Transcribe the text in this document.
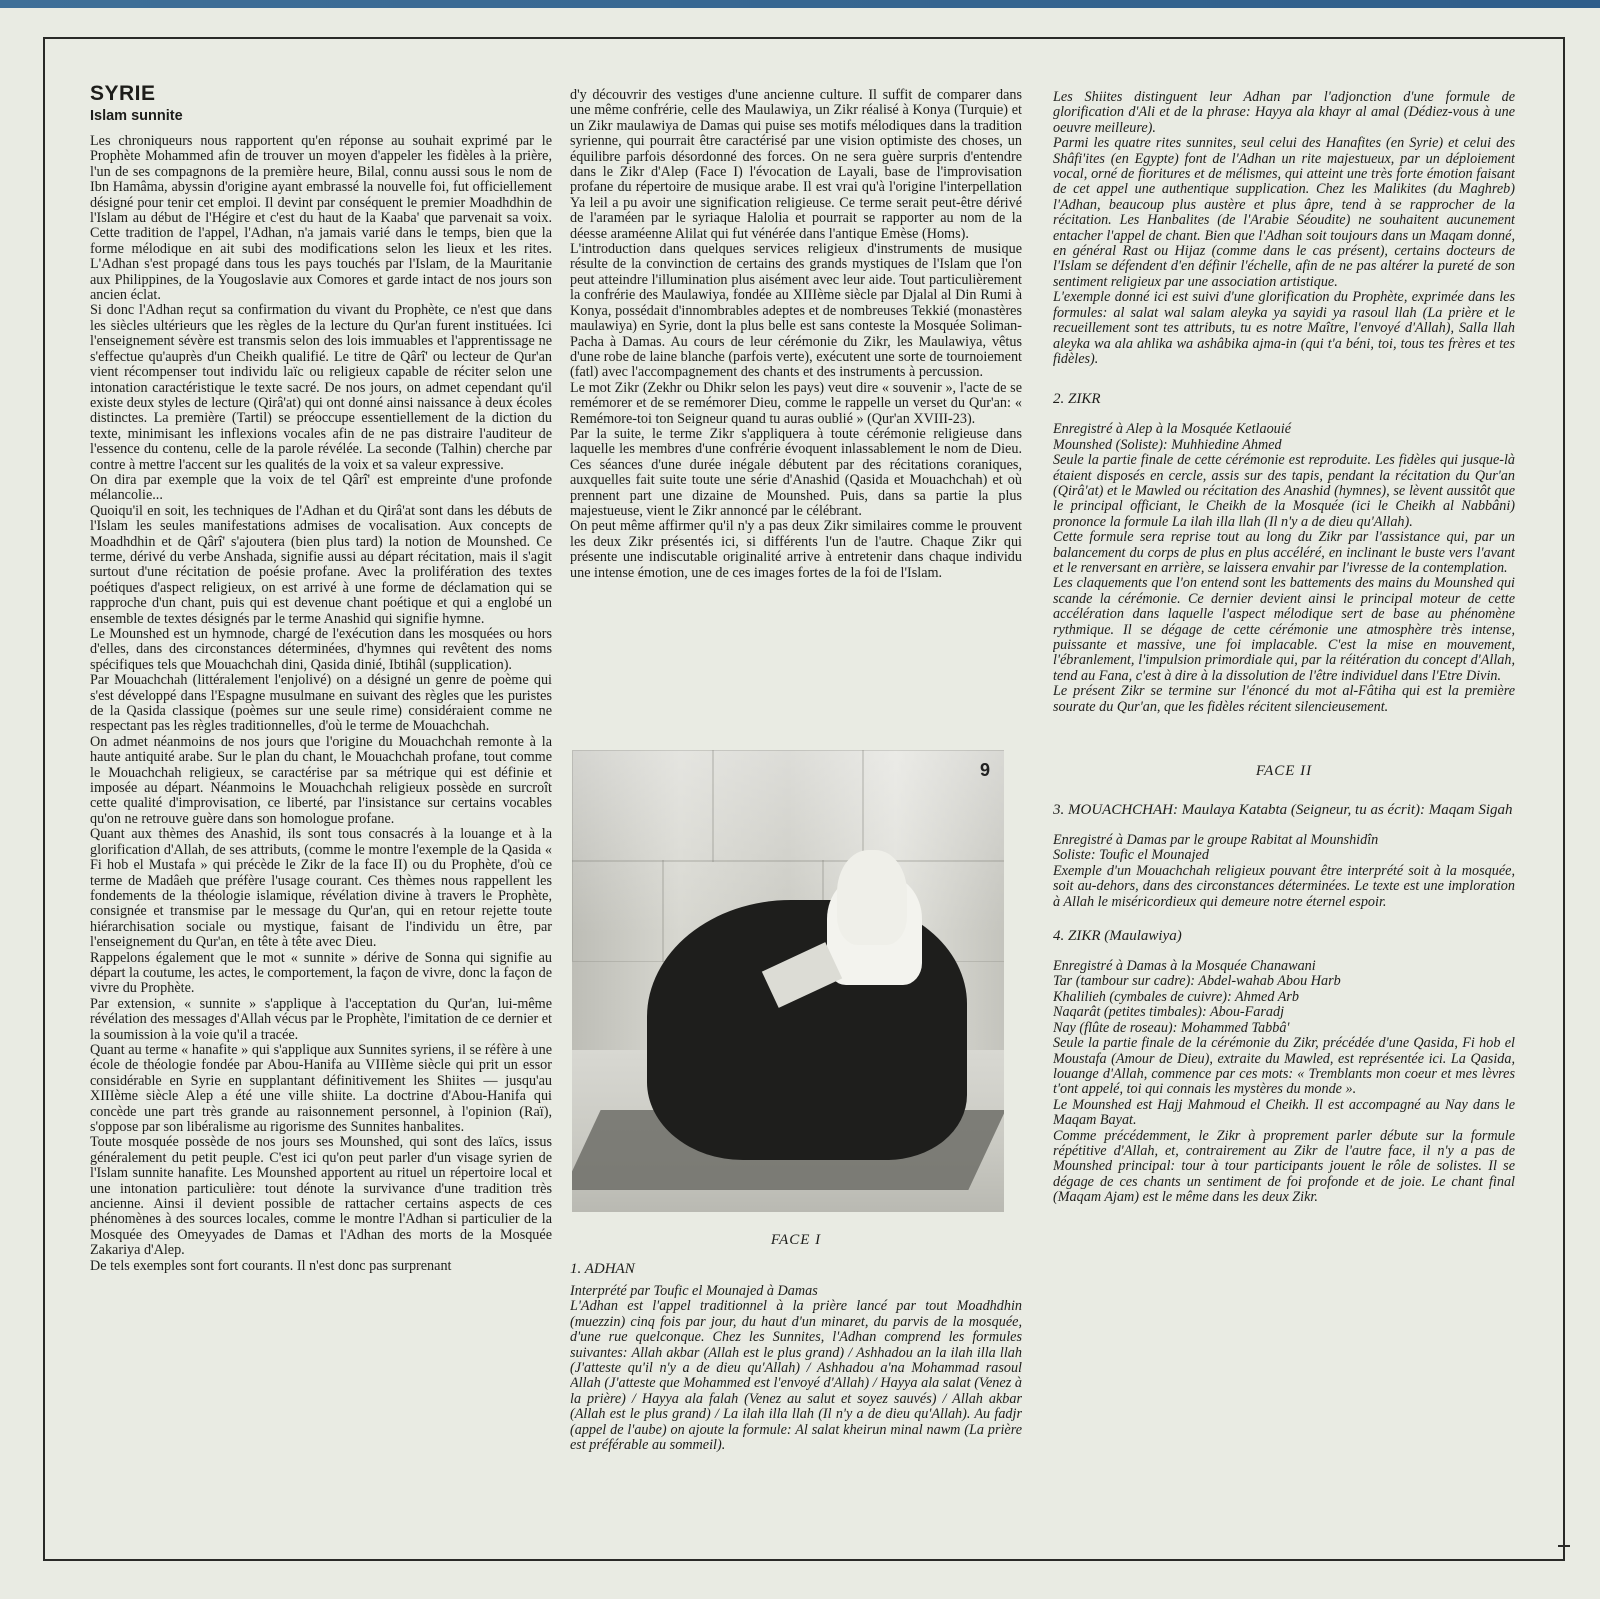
SYRIE
Islam sunnite

Les chroniqueurs nous rapportent qu'en réponse au souhait exprimé par le Prophète Mohammed afin de trouver un moyen d'appeler les fidèles à la prière, l'un de ses compagnons de la première heure, Bilal, connu aussi sous le nom de Ibn Hamâma, abyssin d'origine ayant embrassé la nouvelle foi, fut officiellement désigné pour tenir cet emploi. Il devint par conséquent le premier Moadhdhin de l'Islam au début de l'Hégire et c'est du haut de la Kaaba' que parvenait sa voix. Cette tradition de l'appel, l'Adhan, n'a jamais varié dans le temps, bien que la forme mélodique en ait subi des modifications selon les lieux et les rites. L'Adhan s'est propagé dans tous les pays touchés par l'Islam, de la Mauritanie aux Philippines, de la Yougoslavie aux Comores et garde intact de nos jours son ancien éclat.

Si donc l'Adhan reçut sa confirmation du vivant du Prophète, ce n'est que dans les siècles ultérieurs que les règles de la lecture du Qur'an furent instituées. Ici l'enseignement sévère est transmis selon des lois immuables et l'apprentissage ne s'effectue qu'auprès d'un Cheikh qualifié. Le titre de Qârî' ou lecteur de Qur'an vient récompenser tout individu laïc ou religieux capable de réciter selon une intonation caractéristique le texte sacré. De nos jours, on admet cependant qu'il existe deux styles de lecture (Qirâ'at) qui ont donné ainsi naissance à deux écoles distinctes. La première (Tartil) se préoccupe essentiellement de la diction du texte, minimisant les inflexions vocales afin de ne pas distraire l'auditeur de l'essence du contenu, celle de la parole révélée. La seconde (Talhin) cherche par contre à mettre l'accent sur les qualités de la voix et sa valeur expressive.

On dira par exemple que la voix de tel Qârî' est empreinte d'une profonde mélancolie...

Quoiqu'il en soit, les techniques de l'Adhan et du Qirâ'at sont dans les débuts de l'Islam les seules manifestations admises de vocalisation. Aux concepts de Moadhdhin et de Qârî' s'ajoutera (bien plus tard) la notion de Mounshed. Ce terme, dérivé du verbe Anshada, signifie aussi au départ récitation, mais il s'agit surtout d'une récitation de poésie profane. Avec la prolifération des textes poétiques d'aspect religieux, on est arrivé à une forme de déclamation qui se rapproche d'un chant, puis qui est devenue chant poétique et qui a englobé un ensemble de textes désignés par le terme Anashid qui signifie hymne.

Le Mounshed est un hymnode, chargé de l'exécution dans les mosquées ou hors d'elles, dans des circonstances déterminées, d'hymnes qui revêtent des noms spécifiques tels que Mouachchah dini, Qasida dinié, Ibtihâl (supplication).

Par Mouachchah (littéralement l'enjolivé) on a désigné un genre de poème qui s'est développé dans l'Espagne musulmane en suivant des règles que les puristes de la Qasida classique (poèmes sur une seule rime) considéraient comme ne respectant pas les règles traditionnelles, d'où le terme de Mouachchah.

On admet néanmoins de nos jours que l'origine du Mouachchah remonte à la haute antiquité arabe. Sur le plan du chant, le Mouachchah profane, tout comme le Mouachchah religieux, se caractérise par sa métrique qui est définie et imposée au départ. Néanmoins le Mouachchah religieux possède en surcroît cette qualité d'improvisation, ce liberté, par l'insistance sur certains vocables qu'on ne retrouve guère dans son homologue profane.

Quant aux thèmes des Anashid, ils sont tous consacrés à la louange et à la glorification d'Allah, de ses attributs, (comme le montre l'exemple de la Qasida « Fi hob el Mustafa » qui précède le Zikr de la face II) ou du Prophète, d'où ce terme de Madâeh que préfère l'usage courant. Ces thèmes nous rappellent les fondements de la théologie islamique, révélation divine à travers le Prophète, consignée et transmise par le message du Qur'an, qui en retour rejette toute hiérarchisation sociale ou mystique, faisant de l'individu un être, par l'enseignement du Qur'an, en tête à tête avec Dieu.

Rappelons également que le mot « sunnite » dérive de Sonna qui signifie au départ la coutume, les actes, le comportement, la façon de vivre, donc la façon de vivre du Prophète.

Par extension, « sunnite » s'applique à l'acceptation du Qur'an, lui-même révélation des messages d'Allah vécus par le Prophète, l'imitation de ce dernier et la soumission à la voie qu'il a tracée.

Quant au terme « hanafite » qui s'applique aux Sunnites syriens, il se réfère à une école de théologie fondée par Abou-Hanifa au VIIIème siècle qui prit un essor considérable en Syrie en supplantant définitivement les Shiites — jusqu'au XIIIème siècle Alep a été une ville shiite. La doctrine d'Abou-Hanifa qui concède une part très grande au raisonnement personnel, à l'opinion (Raï), s'oppose par son libéralisme au rigorisme des Sunnites hanbalites.

Toute mosquée possède de nos jours ses Mounshed, qui sont des laïcs, issus généralement du petit peuple. C'est ici qu'on peut parler d'un visage syrien de l'Islam sunnite hanafite. Les Mounshed apportent au rituel un répertoire local et une intonation particulière: tout dénote la survivance d'une tradition très ancienne. Ainsi il devient possible de rattacher certains aspects de ces phénomènes à des sources locales, comme le montre l'Adhan si particulier de la Mosquée des Omeyyades de Damas et l'Adhan des morts de la Mosquée Zakariya d'Alep.

De tels exemples sont fort courants. Il n'est donc pas surprenant

d'y découvrir des vestiges d'une ancienne culture. Il suffit de comparer dans une même confrérie, celle des Maulawiya, un Zikr réalisé à Konya (Turquie) et un Zikr maulawiya de Damas qui puise ses motifs mélodiques dans la tradition syrienne, qui pourrait être caractérisé par une vision optimiste des choses, un équilibre parfois désordonné des forces. On ne sera guère surpris d'entendre dans le Zikr d'Alep (Face I) l'évocation de Layali, base de l'improvisation profane du répertoire de musique arabe. Il est vrai qu'à l'origine l'interpellation Ya leil a pu avoir une signification religieuse. Ce terme serait peut-être dérivé de l'araméen par le syriaque Halolia et pourrait se rapporter au nom de la déesse araméenne Alilat qui fut vénérée dans l'antique Emèse (Homs).

L'introduction dans quelques services religieux d'instruments de musique résulte de la convinction de certains des grands mystiques de l'Islam que l'on peut atteindre l'illumination plus aisément avec leur aide. Tout particulièrement la confrérie des Maulawiya, fondée au XIIIème siècle par Djalal al Din Rumi à Konya, possédait d'innombrables adeptes et de nombreuses Tekkié (monastères maulawiya) en Syrie, dont la plus belle est sans conteste la Mosquée Soliman-Pacha à Damas. Au cours de leur cérémonie du Zikr, les Maulawiya, vêtus d'une robe de laine blanche (parfois verte), exécutent une sorte de tournoiement (fatl) avec l'accompagnement des chants et des instruments à percussion.

Le mot Zikr (Zekhr ou Dhikr selon les pays) veut dire « souvenir », l'acte de se remémorer et de se remémorer Dieu, comme le rappelle un verset du Qur'an: « Remémore-toi ton Seigneur quand tu auras oublié » (Qur'an XVIII-23).

Par la suite, le terme Zikr s'appliquera à toute cérémonie religieuse dans laquelle les membres d'une confrérie évoquent inlassablement le nom de Dieu. Ces séances d'une durée inégale débutent par des récitations coraniques, auxquelles fait suite toute une série d'Anashid (Qasida et Mouachchah) et où prennent part une dizaine de Mounshed. Puis, dans sa partie la plus majestueuse, vient le Zikr annoncé par le célébrant.

On peut même affirmer qu'il n'y a pas deux Zikr similaires comme le prouvent les deux Zikr présentés ici, si différents l'un de l'autre. Chaque Zikr qui présente une indiscutable originalité arrive à entretenir dans chaque individu une intense émotion, une de ces images fortes de la foi de l'Islam.

9
FACE I
1. ADHAN

Interprété par Toufic el Mounajed à Damas

L'Adhan est l'appel traditionnel à la prière lancé par tout Moadhdhin (muezzin) cinq fois par jour, du haut d'un minaret, du parvis de la mosquée, d'une rue quelconque. Chez les Sunnites, l'Adhan comprend les formules suivantes: Allah akbar (Allah est le plus grand) / Ashhadou an la ilah illa llah (J'atteste qu'il n'y a de dieu qu'Allah) / Ashhadou a'na Mohammad rasoul Allah (J'atteste que Mohammed est l'envoyé d'Allah) / Hayya ala salat (Venez à la prière) / Hayya ala falah (Venez au salut et soyez sauvés) / Allah akbar (Allah est le plus grand) / La ilah illa llah (Il n'y a de dieu qu'Allah). Au fadjr (appel de l'aube) on ajoute la formule: Al salat kheirun minal nawm (La prière est préférable au sommeil).

Les Shiites distinguent leur Adhan par l'adjonction d'une formule de glorification d'Ali et de la phrase: Hayya ala khayr al amal (Dédiez-vous à une oeuvre meilleure).

Parmi les quatre rites sunnites, seul celui des Hanafites (en Syrie) et celui des Shâfi'ites (en Egypte) font de l'Adhan un rite majestueux, par un déploiement vocal, orné de fioritures et de mélismes, qui atteint une très forte émotion faisant de cet appel une authentique supplication. Chez les Malikites (du Maghreb) l'Adhan, beaucoup plus austère et plus âpre, tend à se rapprocher de la récitation. Les Hanbalites (de l'Arabie Séoudite) ne souhaitent aucunement entacher l'appel de chant. Bien que l'Adhan soit toujours dans un Maqam donné, en général Rast ou Hijaz (comme dans le cas présent), certains docteurs de l'Islam se défendent d'en définir l'échelle, afin de ne pas altérer la pureté de son sentiment religieux par une association artistique.

L'exemple donné ici est suivi d'une glorification du Prophète, exprimée dans les formules: al salat wal salam aleyka ya sayidi ya rasoul llah (La prière et le recueillement sont tes attributs, tu es notre Maître, l'envoyé d'Allah), Salla llah aleyka wa ala ahlika wa ashâbika ajma-in (qui t'a béni, toi, tous tes frères et tes fidèles).

2. ZIKR

Enregistré à Alep à la Mosquée Ketlaouié

Mounshed (Soliste): Muhhiedine Ahmed

Seule la partie finale de cette cérémonie est reproduite. Les fidèles qui jusque-là étaient disposés en cercle, assis sur des tapis, pendant la récitation du Qur'an (Qirâ'at) et le Mawled ou récitation des Anashid (hymnes), se lèvent aussitôt que le principal officiant, le Cheikh de la Mosquée (ici le Cheikh al Nabbâni) prononce la formule La ilah illa llah (Il n'y a de dieu qu'Allah).

Cette formule sera reprise tout au long du Zikr par l'assistance qui, par un balancement du corps de plus en plus accéléré, en inclinant le buste vers l'avant et le renversant en arrière, se laissera envahir par l'ivresse de la contemplation.

Les claquements que l'on entend sont les battements des mains du Mounshed qui scande la cérémonie. Ce dernier devient ainsi le principal moteur de cette accélération dans laquelle l'aspect mélodique sert de base au phénomène rythmique. Il se dégage de cette cérémonie une atmosphère très intense, puissante et massive, une foi implacable. C'est la mise en mouvement, l'ébranlement, l'impulsion primordiale qui, par la réitération du concept d'Allah, tend au Fana, c'est à dire à la dissolution de l'être individuel dans l'Etre Divin.

Le présent Zikr se termine sur l'énoncé du mot al-Fâtiha qui est la première sourate du Qur'an, que les fidèles récitent silencieusement.

FACE II
3. MOUACHCHAH: Maulaya Katabta (Seigneur, tu as écrit): Maqam Sigah

Enregistré à Damas par le groupe Rabitat al Mounshidîn

Soliste: Toufic el Mounajed

Exemple d'un Mouachchah religieux pouvant être interprété soit à la mosquée, soit au-dehors, dans des circonstances déterminées. Le texte est une imploration à Allah le miséricordieux qui demeure notre éternel espoir.

4. ZIKR (Maulawiya)

Enregistré à Damas à la Mosquée Chanawani

Tar (tambour sur cadre): Abdel-wahab Abou Harb

Khalilieh (cymbales de cuivre): Ahmed Arb

Naqarât (petites timbales): Abou-Faradj

Nay (flûte de roseau): Mohammed Tabbâ'

Seule la partie finale de la cérémonie du Zikr, précédée d'une Qasida, Fi hob el Moustafa (Amour de Dieu), extraite du Mawled, est représentée ici. La Qasida, louange d'Allah, commence par ces mots: « Tremblants mon coeur et mes lèvres t'ont appelé, toi qui connais les mystères du monde ».

Le Mounshed est Hajj Mahmoud el Cheikh. Il est accompagné au Nay dans le Maqam Bayat.

Comme précédemment, le Zikr à proprement parler débute sur la formule répétitive d'Allah, et, contrairement au Zikr de l'autre face, il n'y a pas de Mounshed principal: tour à tour participants jouent le rôle de solistes. Il se dégage de ces chants un sentiment de foi profonde et de joie. Le chant final (Maqam Ajam) est le même dans les deux Zikr.
